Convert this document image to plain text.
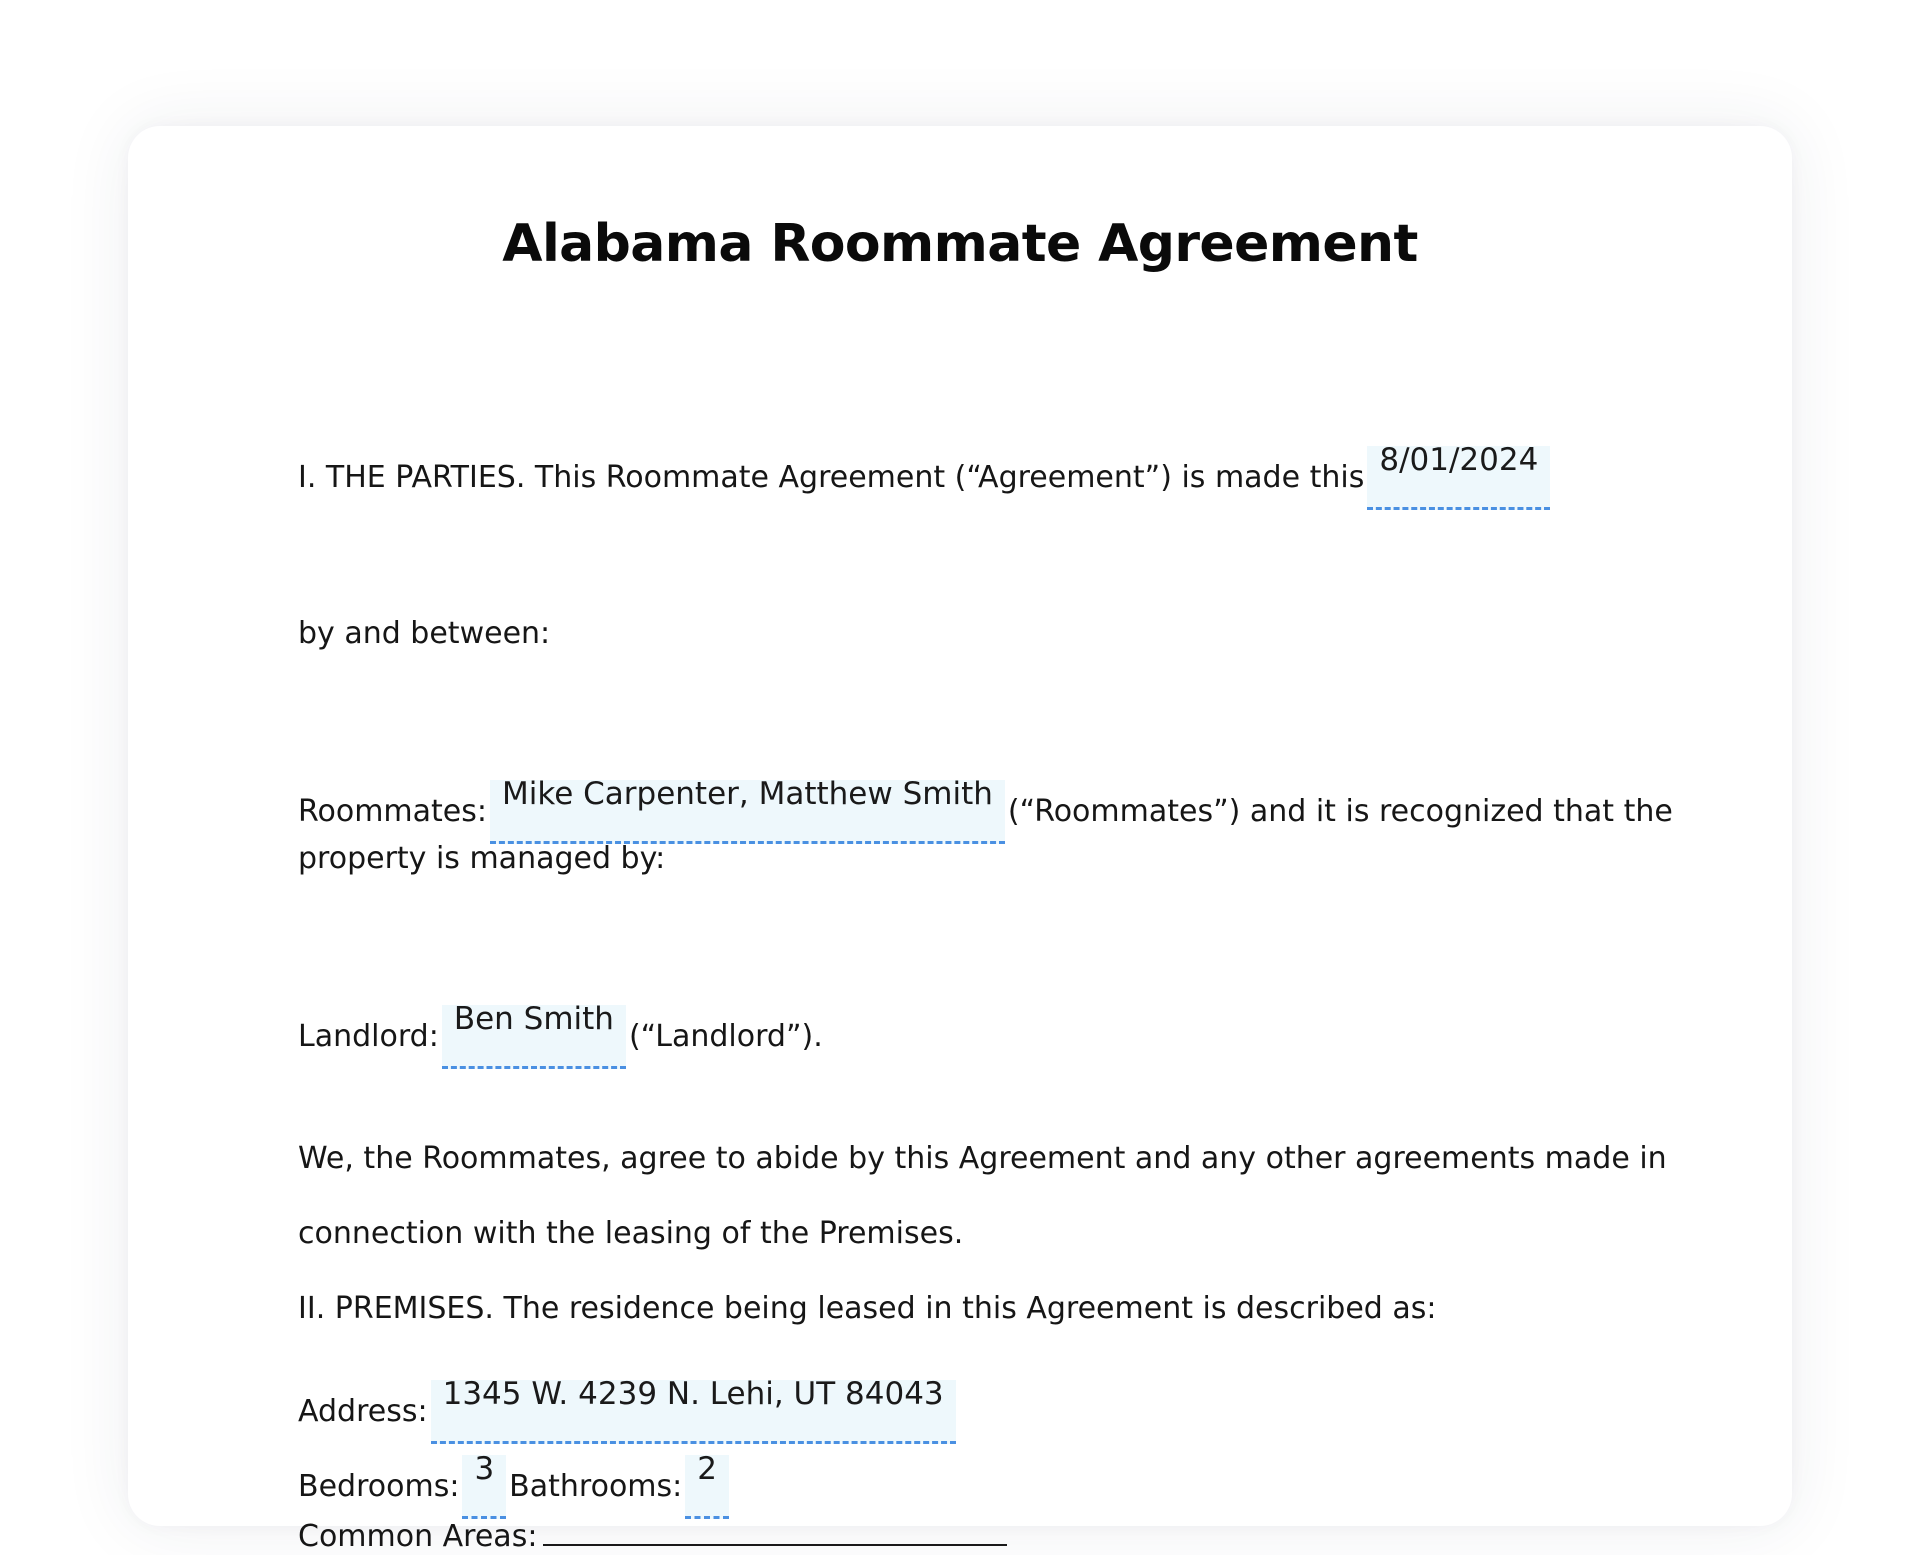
Alabama Roommate Agreement
I. THE PARTIES. This Roommate Agreement (“Agreement”) is made this 8/01/2024
by and between:
Roommates: Mike Carpenter, Matthew Smith (“Roommates”) and it is recognized that the
property is managed by:
Landlord: Ben Smith (“Landlord”).
We, the Roommates, agree to abide by this Agreement and any other agreements made in
connection with the leasing of the Premises.
II. PREMISES. The residence being leased in this Agreement is described as:
Address: 1345 W. 4239 N. Lehi, UT 84043
Bedrooms: 3 Bathrooms: 2
Common Areas:
